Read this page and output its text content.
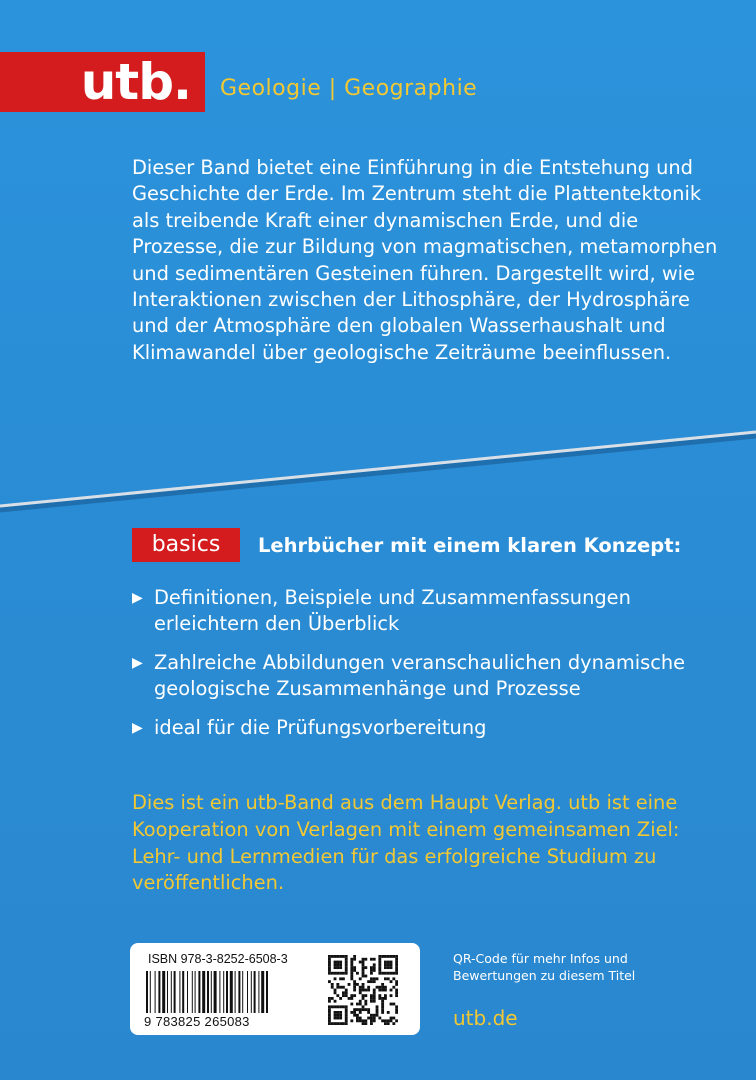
utb.	Geologie | Geographie

Dieser Band bietet eine Einführung in die Entstehung und Geschichte der Erde. Im Zentrum steht die Plattentektonik als treibende Kraft einer dynamischen Erde, und die Prozesse, die zur Bildung von magmatischen, metamorphen und sedimentären Gesteinen führen. Dargestellt wird, wie Interaktionen zwischen der Lithosphäre, der Hydrosphäre und der Atmosphäre den globalen Wasserhaushalt und Klimawandel über geologische Zeiträume beeinflussen.

basics	Lehrbücher mit einem klaren Konzept:
▶ Definitionen, Beispiele und Zusammenfassungen erleichtern den Überblick
▶ Zahlreiche Abbildungen veranschaulichen dynamische geologische Zusammenhänge und Prozesse
▶ ideal für die Prüfungsvorbereitung

Dies ist ein utb-Band aus dem Haupt Verlag. utb ist eine Kooperation von Verlagen mit einem gemeinsamen Ziel: Lehr- und Lernmedien für das erfolgreiche Studium zu veröffentlichen.

ISBN 978-3-8252-6508-3
9 783825 265083

QR-Code für mehr Infos und Bewertungen zu diesem Titel

utb.de
